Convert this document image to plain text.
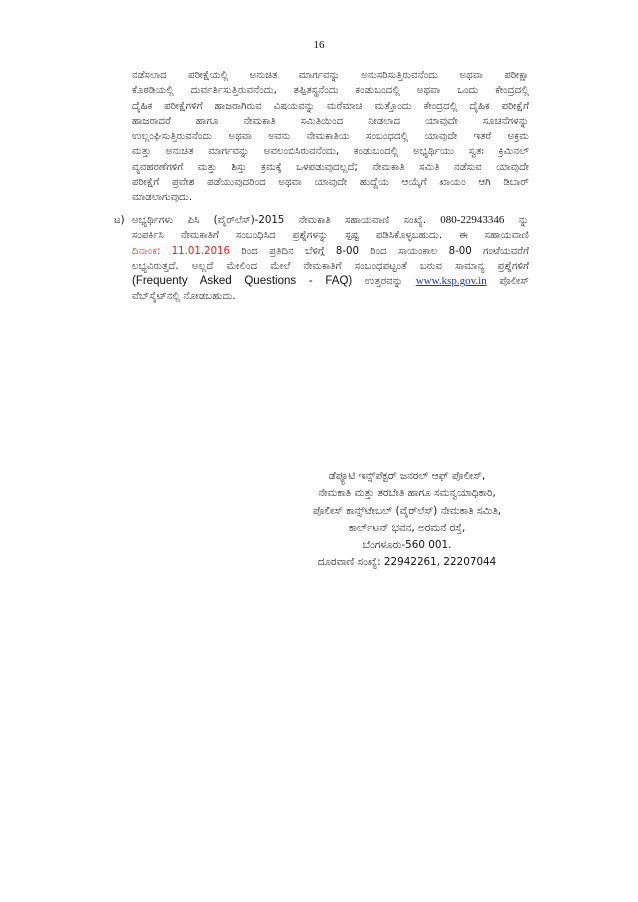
16
ನಡೆಸಲಾದ ಪರೀಕ್ಷೆಯಲ್ಲಿ ಅನುಚಿತ ಮಾರ್ಗವನ್ನು ಅನುಸರಿಸುತ್ತಿರುವನೆಂದು ಅಥವಾ ಪರೀಕ್ಷಾ
ಕೊಠಡಿಯಲ್ಲಿ ದುರ್ವರ್ತಿಸುತ್ತಿರುವನೆಂದು, ತಪ್ಪಿತಸ್ಥನೆಂದು ಕಂಡುಬಂದಲ್ಲಿ ಅಥವಾ ಒಂದು ಕೇಂದ್ರದಲ್ಲಿ
ದೈಹಿಕ ಪರೀಕ್ಷೆಗಳಿಗೆ ಹಾಜರಾಗಿರುವ ವಿಷಯವನ್ನು ಮರೆಮಾಚಿ ಮತ್ತೊಂದು ಕೇಂದ್ರದಲ್ಲಿ ದೈಹಿಕ ಪರೀಕ್ಷೆಗೆ
ಹಾಜರಾದರೆ ಹಾಗೂ ನೇಮಕಾತಿ ಸಮಿತಿಯಿಂದ ನೀಡಲಾದ ಯಾವುದೇ ಸೂಚನೆಗಳನ್ನು
ಉಲ್ಲಂಘಿಸುತ್ತಿರುವನೆಂದು ಅಥವಾ ಅವನು ನೇಮಕಾತಿಯ ಸಂಬಂಧದಲ್ಲಿ ಯಾವುದೇ ಇತರೆ ಅಕ್ರಮ
ಮತ್ತು ಅನುಚಿತ ಮಾರ್ಗವನ್ನು ಅವಲಂಬಿಸಿರುವನೆಂದು, ಕಂಡುಬಂದಲ್ಲಿ ಅಭ್ಯರ್ಥಿಯು ಸ್ವತಃ ಕ್ರಿಮಿನಲ್
ವ್ಯವಹರಣೆಗಳಿಗೆ ಮತ್ತು ಶಿಸ್ತು ಕ್ರಮಕ್ಕೆ ಒಳಪಡುವುದಲ್ಲದೆ; ನೇಮಕಾತಿ ಸಮಿತಿ ನಡೆಸುವ ಯಾವುದೇ
ಪರೀಕ್ಷೆಗೆ ಪ್ರವೇಶ ಪಡೆಯುವುದರಿಂದ ಅಥವಾ ಯಾವುದೇ ಹುದ್ದೆಯ ಆಯ್ಕೆಗೆ ಖಾಯಂ ಆಗಿ ಡಿಬಾರ್
ಮಾಡಲಾಗುವುದು.
ಟ) ಅಭ್ಯರ್ಥಿಗಳು ಪಿಸಿ (ವೈರ್‌ಲೆಸ್)-2015 ನೇಮಕಾತಿ ಸಹಾಯವಾಣಿ ಸಂಖ್ಯೆ. 080-22943346 ನ್ನು
ಸಂಪರ್ಕಿಸಿ ನೇಮಕಾತಿಗೆ ಸಂಬಂಧಿಸಿದ ಪ್ರಶ್ನೆಗಳನ್ನು ಸ್ಪಷ್ಟ ಪಡಿಸಿಕೊಳ್ಳಬಹುದು. ಈ ಸಹಾಯವಾಣಿ
ದಿನಾಂಕ: 11.01.2016 ರಿಂದ ಪ್ರತಿದಿನ ಬೆಳಿಗ್ಗೆ 8-00 ರಿಂದ ಸಾಯಂಕಾಲ 8-00 ಗಂಟೆಯವರೆಗೆ
ಲಭ್ಯವಿರುತ್ತದೆ. ಅಲ್ಲದೆ ಮೇಲಿಂದ ಮೇಲೆ ನೇಮಕಾತಿಗೆ ಸಂಬಂಧಪಟ್ಟಂತೆ ಬರುವ ಸಾಮಾನ್ಯ ಪ್ರಶ್ನೆಗಳಿಗೆ
(Frequenty Asked Questions - FAQ) ಉತ್ತರವನ್ನು www.ksp.gov.in ಪೊಲೀಸ್
ವೆಬ್‌ಸೈಟ್‌ನಲ್ಲಿ ನೋಡಬಹುದು.
ಡೆಪ್ಯೂಟಿ ಇನ್ಸ್‌ಪೆಕ್ಟರ್ ಜನರಲ್ ಆಫ್ ಪೊಲೀಸ್,
ನೇಮಕಾತಿ ಮತ್ತು ತರಬೇತಿ ಹಾಗೂ ಸಮನ್ವಯಾಧಿಕಾರಿ,
ಪೊಲೀಸ್ ಕಾನ್ಸ್‌ಟೇಬಲ್ (ವೈರ್‌ಲೆಸ್) ನೇಮಕಾತಿ ಸಮಿತಿ,
ಕಾರ್ಲ್‌ಟನ್ ಭವನ, ಅರಮನೆ ರಸ್ತೆ,
ಬೆಂಗಳೂರು-560 001.
ದೂರವಾಣಿ ಸಂಖ್ಯೆ: 22942261, 22207044
